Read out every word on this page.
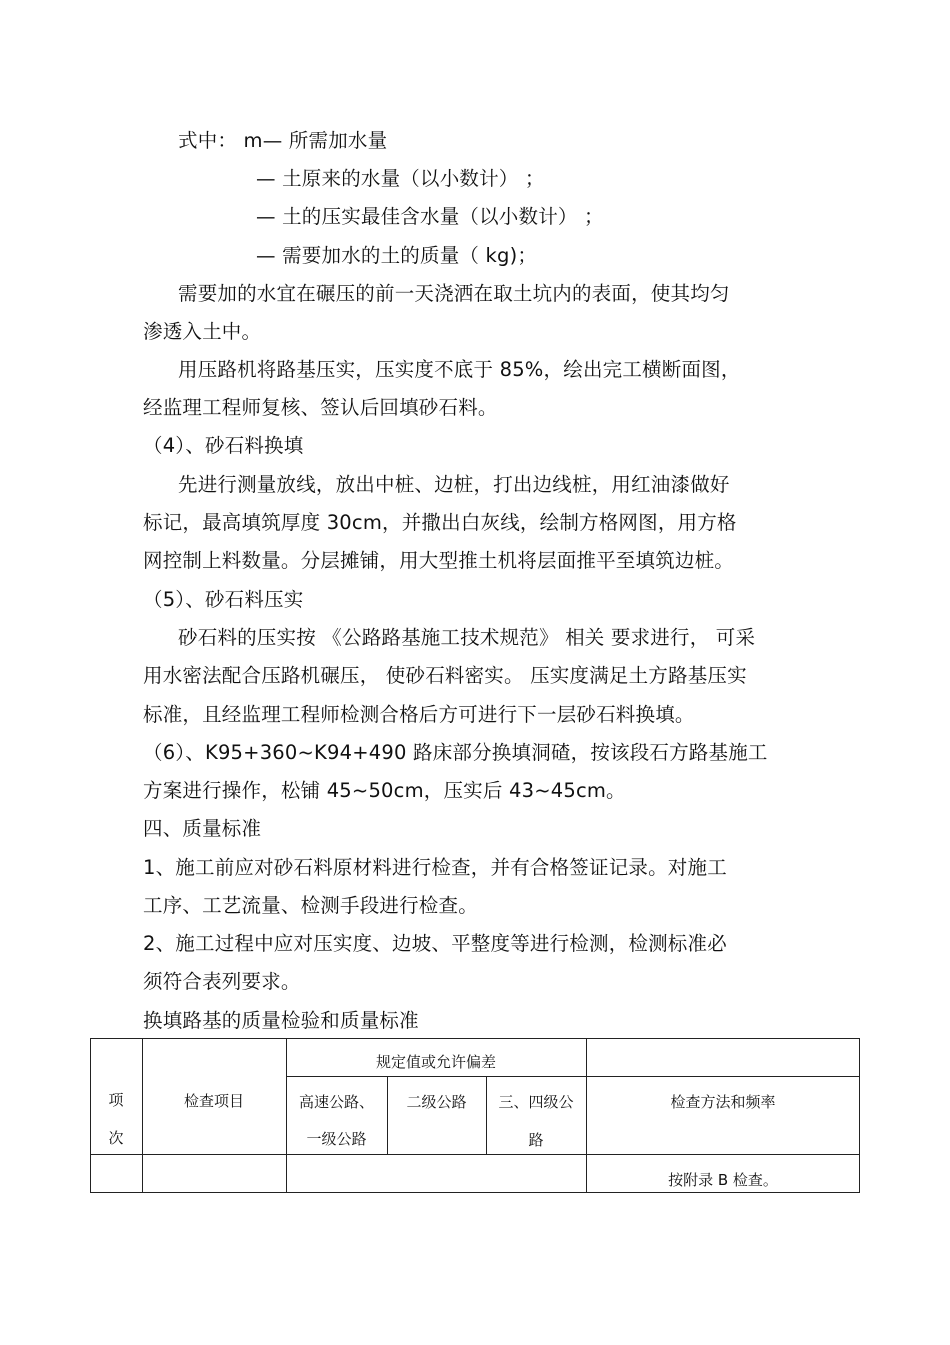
式中： m— 所需加水量
— 土原来的水量（以小数计） ；
— 土的压实最佳含水量（以小数计） ；
— 需要加水的土的质量（ kg)；
需要加的水宜在碾压的前一天浇洒在取土坑内的表面，使其均匀
渗透入土中。
用压路机将路基压实，压实度不底于 85%，绘出完工横断面图，
经监理工程师复核、签认后回填砂石料。
（4）、砂石料换填
先进行测量放线，放出中桩、边桩，打出边线桩，用红油漆做好
标记，最高填筑厚度 30cm，并撒出白灰线，绘制方格网图，用方格
网控制上料数量。分层摊铺，用大型推土机将层面推平至填筑边桩。
（5）、砂石料压实
砂石料的压实按 《公路路基施工技术规范》 相关 要求进行， 可采
用水密法配合压路机碾压， 使砂石料密实。 压实度满足土方路基压实
标准，且经监理工程师检测合格后方可进行下一层砂石料换填。
（6）、K95+360~K94+490 路床部分换填洞碴，按该段石方路基施工
方案进行操作，松铺 45~50cm，压实后 43~45cm。
四、质量标准
1、施工前应对砂石料原材料进行检查，并有合格签证记录。对施工
工序、工艺流量、检测手段进行检查。
2、施工过程中应对压实度、边坡、平整度等进行检测，检测标准必
须符合表列要求。
换填路基的质量检验和质量标准
项
次
检查项目
规定值或允许偏差
高速公路、
一级公路
二级公路	三、四级公
路
检查方法和频率
按附录 B 检查。
